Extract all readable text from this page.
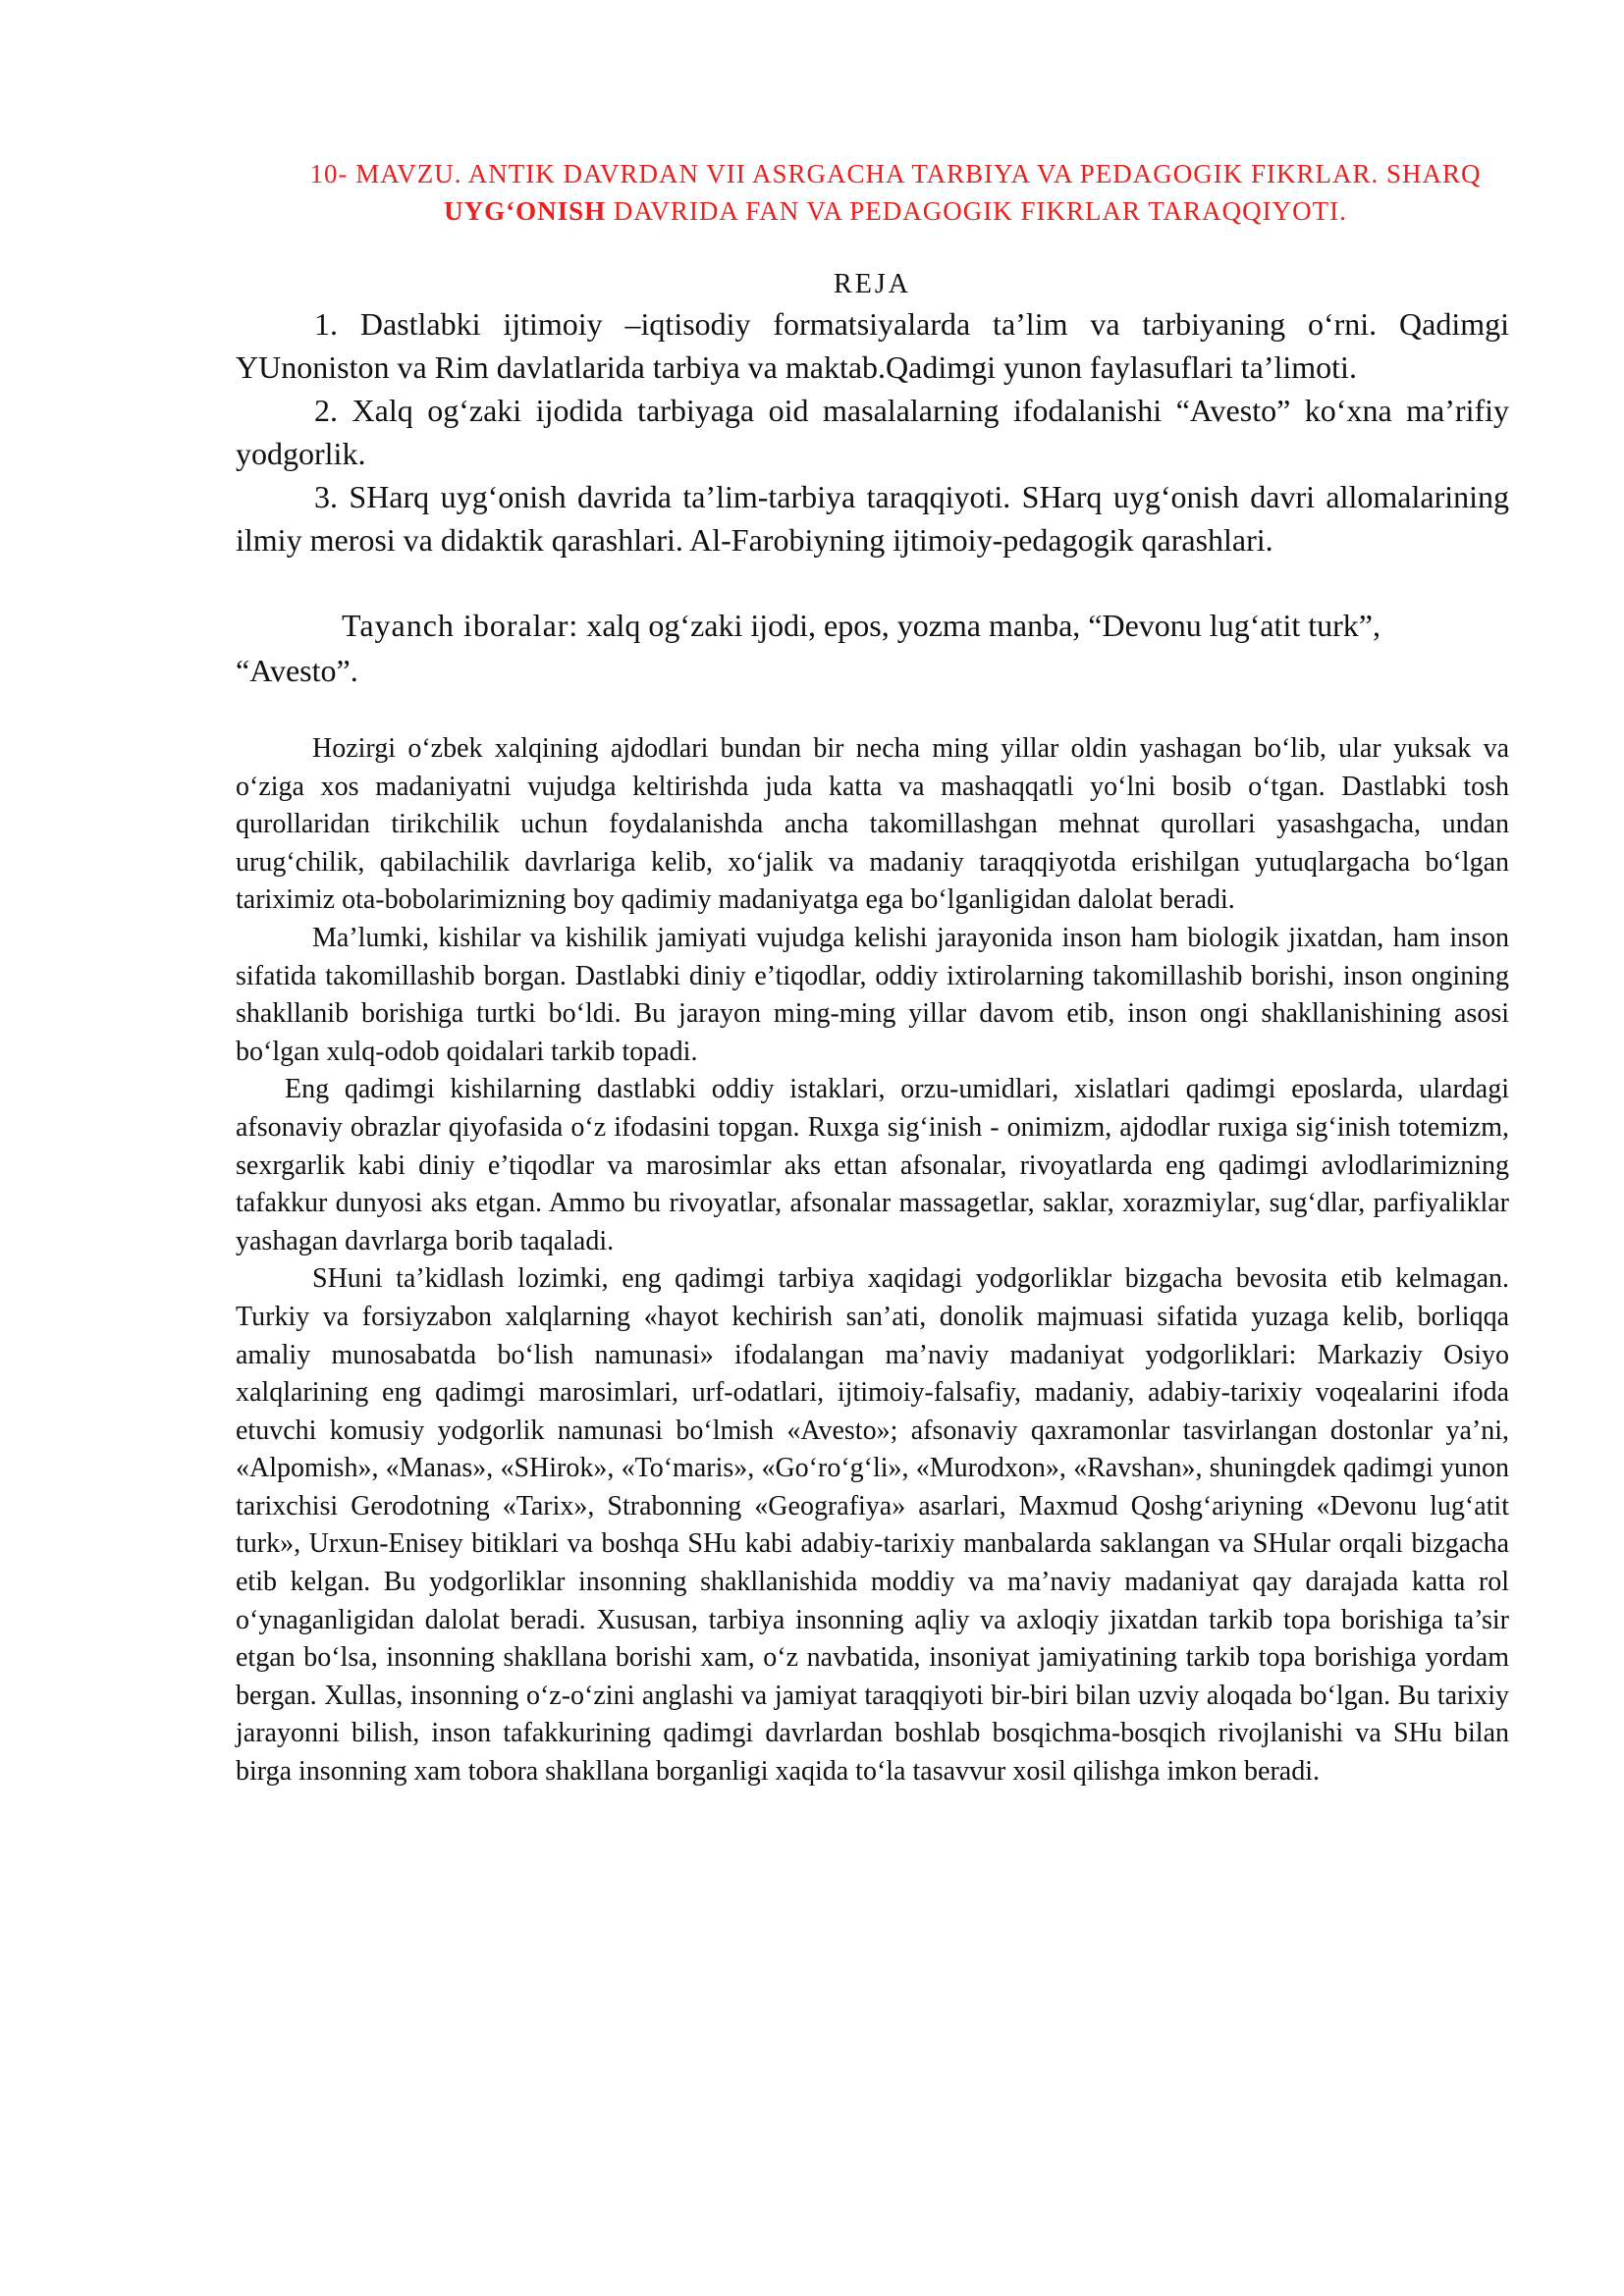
10- MAVZU. ANTIK DAVRDAN VII ASRGACHA TARBIYA VA PEDAGOGIK FIKRLAR. SHARQ UYG‘ONISH DAVRIDA FAN VA PEDAGOGIK FIKRLAR TARAQQIYOTI.
REJA

1. Dastlabki ijtimoiy –iqtisodiy formatsiyalarda ta’lim va tarbiyaning o‘rni. Qadimgi YUnoniston va Rim davlatlarida tarbiya va maktab.Qadimgi yunon faylasuflari ta’limoti.

2. Xalq og‘zaki ijodida tarbiyaga oid masalalarning ifodalanishi “Avesto” ko‘xna ma’rifiy yodgorlik.

3. SHarq uyg‘onish davrida ta’lim-tarbiya taraqqiyoti. SHarq uyg‘onish davri allomalarining ilmiy merosi va didaktik qarashlari. Al-Farobiyning ijtimoiy-pedagogik qarashlari.

Tayanch iboralar: xalq og‘zaki ijodi, epos, yozma manba, “Devonu lug‘atit turk”, “Avesto”.

Hozirgi o‘zbek xalqining ajdodlari bundan bir necha ming yillar oldin yashagan bo‘lib, ular yuksak va o‘ziga xos madaniyatni vujudga keltirishda juda katta va mashaqqatli yo‘lni bosib o‘tgan. Dastlabki tosh qurollaridan tirikchilik uchun foydalanishda ancha takomillashgan mehnat qurollari yasashgacha, undan urug‘chilik, qabilachilik davrlariga kelib, xo‘jalik va madaniy taraqqiyotda erishilgan yutuqlargacha bo‘lgan tariximiz ota-bobolarimizning boy qadimiy madaniyatga ega bo‘lganligidan dalolat beradi.

Ma’lumki, kishilar va kishilik jamiyati vujudga kelishi jarayonida inson ham biologik jixatdan, ham inson sifatida takomillashib borgan. Dastlabki diniy e’tiqodlar, oddiy ixtirolarning takomillashib borishi, inson ongining shakllanib borishiga turtki bo‘ldi. Bu jarayon ming-ming yillar davom etib, inson ongi shakllanishining asosi bo‘lgan xulq-odob qoidalari tarkib topadi.

Eng qadimgi kishilarning dastlabki oddiy istaklari, orzu-umidlari, xislatlari qadimgi eposlarda, ulardagi afsonaviy obrazlar qiyofasida o‘z ifodasini topgan. Ruxga sig‘inish - onimizm, ajdodlar ruxiga sig‘inish totemizm, sexrgarlik kabi diniy e’tiqodlar va marosimlar aks ettan afsonalar, rivoyatlarda eng qadimgi avlodlarimizning tafakkur dunyosi aks etgan. Ammo bu rivoyatlar, afsonalar massagetlar, saklar, xorazmiylar, sug‘dlar, parfiyaliklar yashagan davrlarga borib taqaladi.

SHuni ta’kidlash lozimki, eng qadimgi tarbiya xaqidagi yodgorliklar bizgacha bevosita etib kelmagan. Turkiy va forsiyzabon xalqlarning «hayot kechirish san’ati, donolik majmuasi sifatida yuzaga kelib, borliqqa amaliy munosabatda bo‘lish namunasi» ifodalangan ma’naviy madaniyat yodgorliklari: Markaziy Osiyo xalqlarining eng qadimgi marosimlari, urf-odatlari, ijtimoiy-falsafiy, madaniy, adabiy-tarixiy voqealarini ifoda etuvchi komusiy yodgorlik namunasi bo‘lmish «Avesto»; afsonaviy qaxramonlar tasvirlangan dostonlar ya’ni, «Alpomish», «Manas», «SHirok», «To‘maris», «Go‘ro‘g‘li», «Murodxon», «Ravshan», shuningdek qadimgi yunon tarixchisi Gerodotning «Tarix», Strabonning «Geografiya» asarlari, Maxmud Qoshg‘ariyning «Devonu lug‘atit turk», Urxun-Enisey bitiklari va boshqa SHu kabi adabiy-tarixiy manbalarda saklangan va SHular orqali bizgacha etib kelgan. Bu yodgorliklar insonning shakllanishida moddiy va ma’naviy madaniyat qay darajada katta rol o‘ynaganligidan dalolat beradi. Xususan, tarbiya insonning aqliy va axloqiy jixatdan tarkib topa borishiga ta’sir etgan bo‘lsa, insonning shakllana borishi xam, o‘z navbatida, insoniyat jamiyatining tarkib topa borishiga yordam bergan. Xullas, insonning o‘z-o‘zini anglashi va jamiyat taraqqiyoti bir-biri bilan uzviy aloqada bo‘lgan. Bu tarixiy jarayonni bilish, inson tafakkurining qadimgi davrlardan boshlab bosqichma-bosqich rivojlanishi va SHu bilan birga insonning xam tobora shakllana borganligi xaqida to‘la tasavvur xosil qilishga imkon beradi.
